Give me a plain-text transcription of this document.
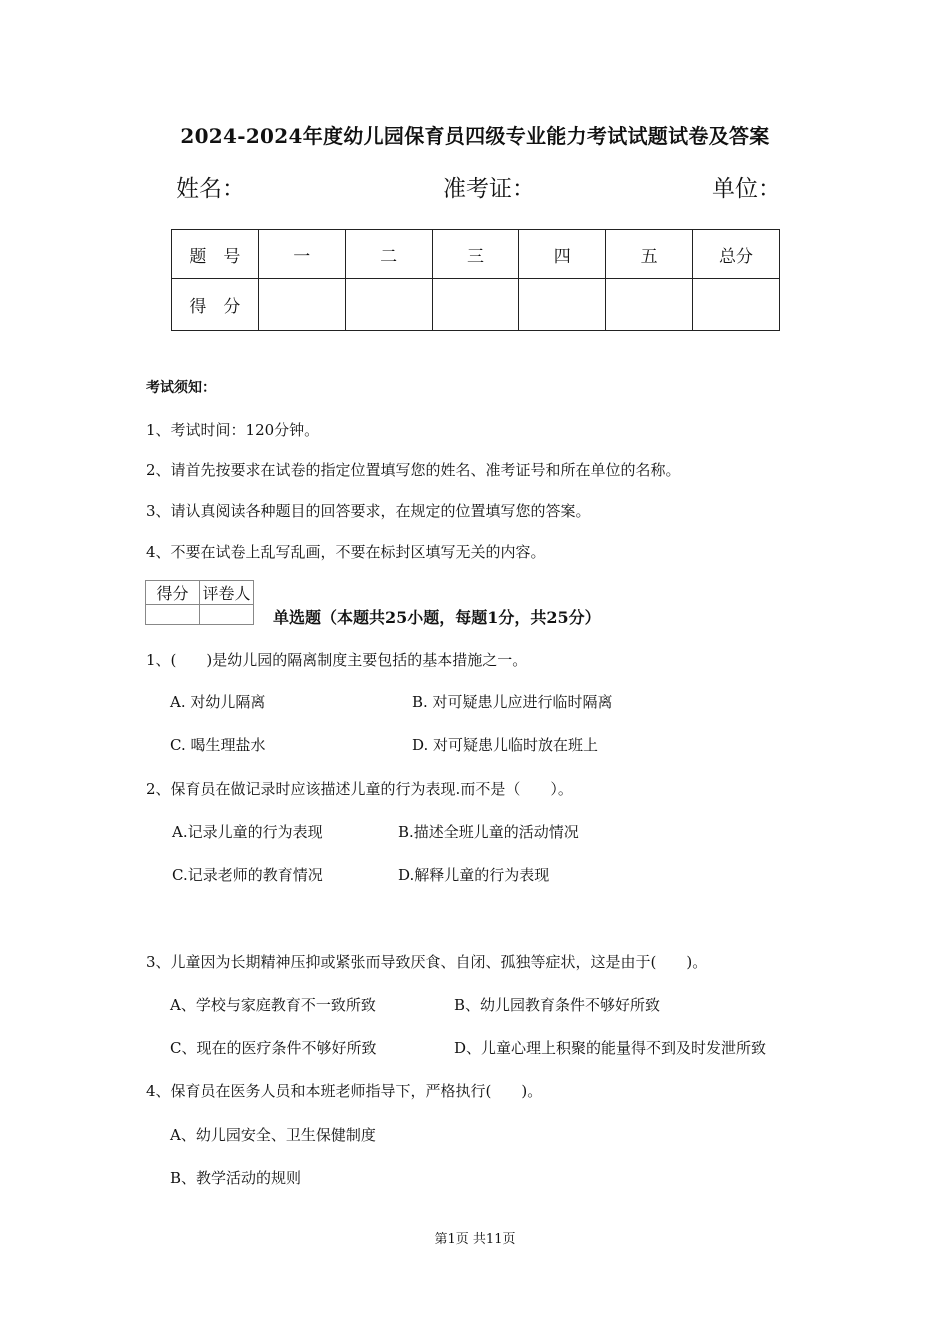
2024-2024年度幼儿园保育员四级专业能力考试试题试卷及答案
姓名：	准考证：	单位：
题　号	一	二	三	四	五	总分
得　分						
考试须知：
1、考试时间：120分钟。
2、请首先按要求在试卷的指定位置填写您的姓名、准考证号和所在单位的名称。
3、请认真阅读各种题目的回答要求，在规定的位置填写您的答案。
4、不要在试卷上乱写乱画，不要在标封区填写无关的内容。
得分	评卷人

单选题（本题共25小题，每题1分，共25分）
1、(　　)是幼儿园的隔离制度主要包括的基本措施之一。
A. 对幼儿隔离	B. 对可疑患儿应进行临时隔离
C. 喝生理盐水	D. 对可疑患儿临时放在班上
2、保育员在做记录时应该描述儿童的行为表现.而不是（　　）。
A.记录儿童的行为表现	B.描述全班儿童的活动情况
C.记录老师的教育情况	D.解释儿童的行为表现
3、儿童因为长期精神压抑或紧张而导致厌食、自闭、孤独等症状，这是由于(　　)。
A、学校与家庭教育不一致所致	B、幼儿园教育条件不够好所致
C、现在的医疗条件不够好所致	D、儿童心理上积聚的能量得不到及时发泄所致
4、保育员在医务人员和本班老师指导下，严格执行(　　)。
A、幼儿园安全、卫生保健制度
B、教学活动的规则
第1页 共11页
